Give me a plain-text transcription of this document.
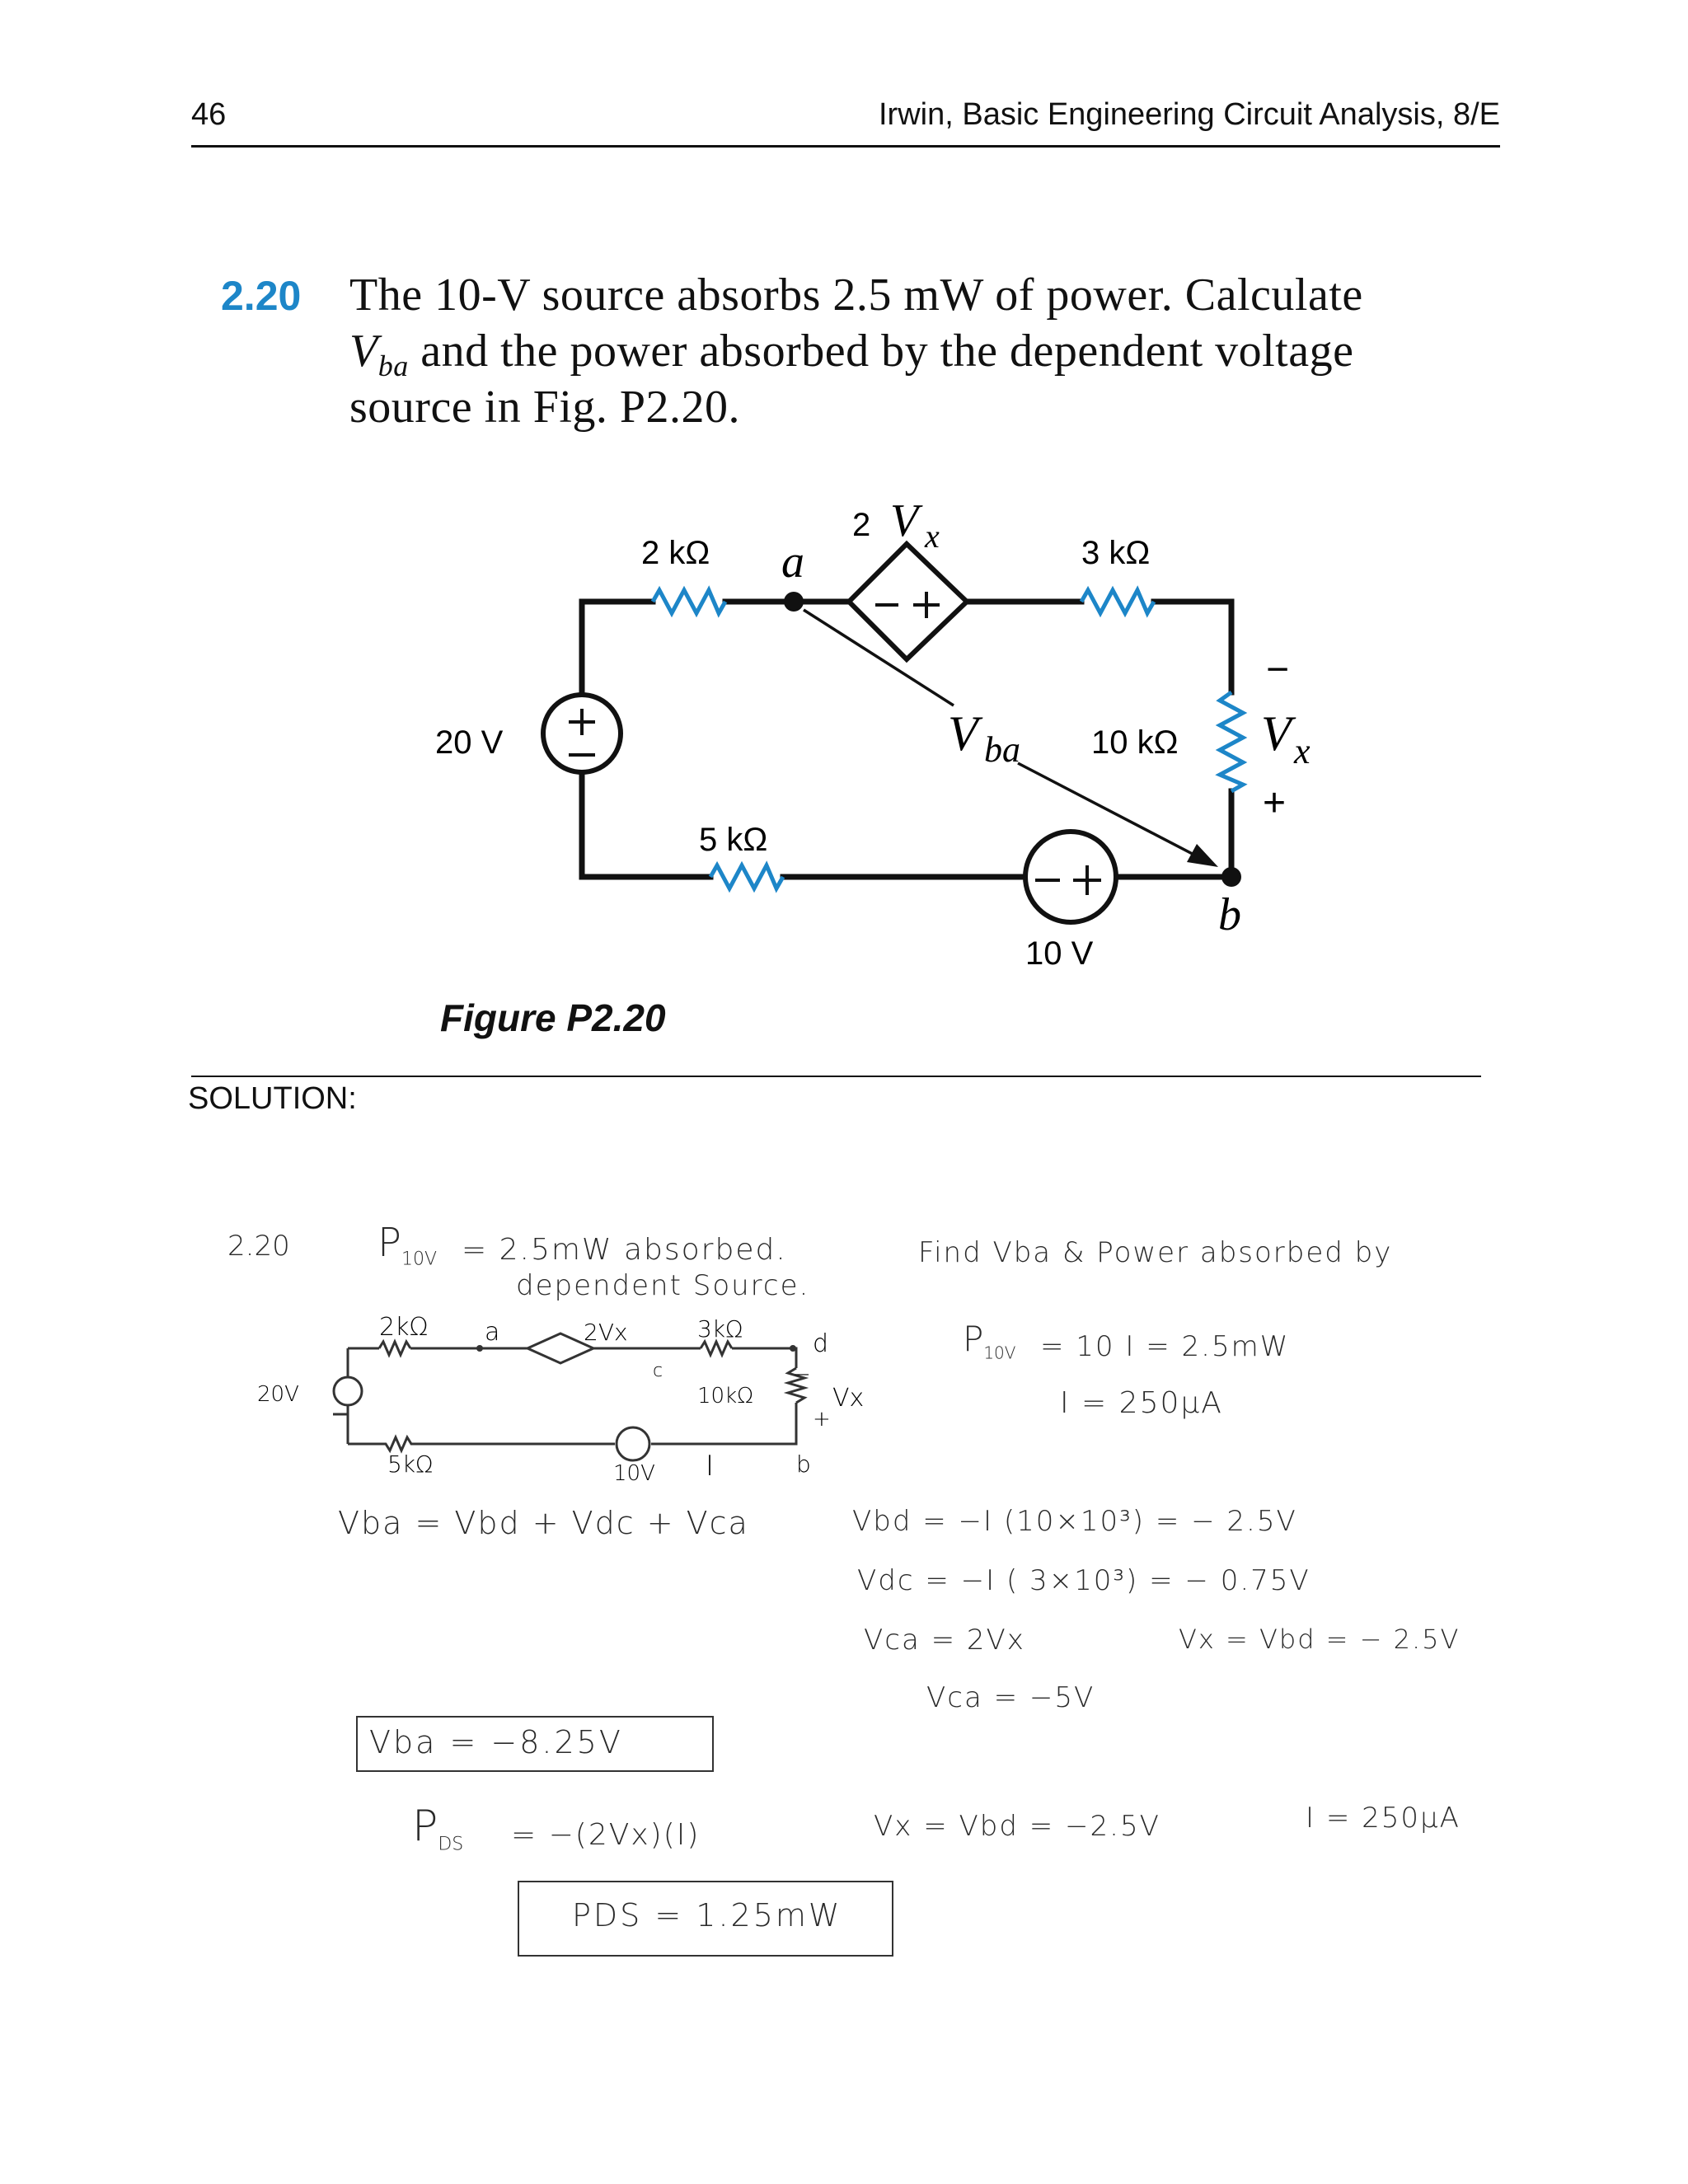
46	Irwin, Basic Engineering Circuit Analysis, 8/E
2.20 The 10-V source absorbs 2.5 mW of power. Calculate
$V_{ba}$ and the power absorbed by the dependent voltage
source in Fig. P2.20.
2 kΩ	3 kΩ
5 kΩ
10 kΩ
20 V
10 V
2 V x
a
b
V ba	V x
−
+
Figure P2.20
SOLUTION:
2.20 $P_{10V} = 2.5mW$ absorbed.
dependent Source.
Find Vba & Power absorbed by
2kΩ a	2Vx	3kΩ
d
c
20V	10kΩ	Vx
+
−
5kΩ	10V I	b
$P_{10V} = 10$ I = 2.5mW
I = 250μA
Vba = Vbd + Vdc + Vca	Vbd = −I (10×10³) = − 2.5V
Vdc = −I ( 3×10³) = − 0.75V
Vca = 2Vx	Vx = Vbd = − 2.5V
Vca = −5V
Vba = −8.25V
$P_{DS} = -(2Vx)(I)$	Vx = Vbd = −2.5V	I = 250μA
PDS = 1.25mW
